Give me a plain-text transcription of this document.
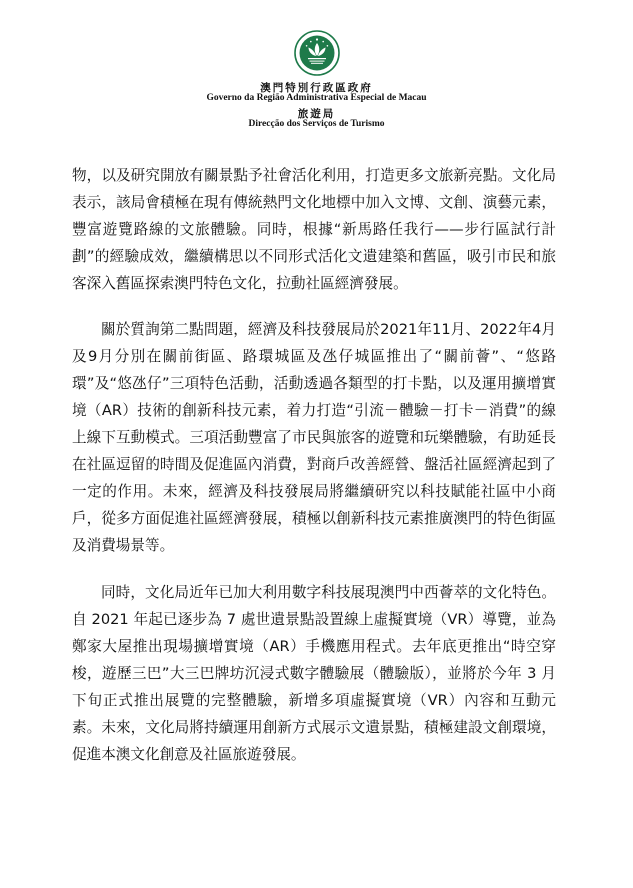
澳門特別行政區政府

Governo da Região Administrativa Especial de Macau

旅遊局

Direcção dos Serviços de Turismo

物，以及研究開放有關景點予社會活化利用，打造更多文旅新亮點。文化局表示，該局會積極在現有傳統熱門文化地標中加入文博、文創、演藝元素，豐富遊覽路線的文旅體驗。同時，根據“新馬路任我行——步行區試行計劃”的經驗成效，繼續構思以不同形式活化文遺建築和舊區，吸引市民和旅客深入舊區探索澳門特色文化，拉動社區經濟發展。

關於質詢第二點問題，經濟及科技發展局於2021年11月、2022年4月及9月分別在關前街區、路環城區及氹仔城區推出了“關前薈”、“悠路環”及“悠氹仔”三項特色活動，活動透過各類型的打卡點，以及運用擴增實境（AR）技術的創新科技元素，着力打造“引流－體驗－打卡－消費”的線上線下互動模式。三項活動豐富了市民與旅客的遊覽和玩樂體驗，有助延長在社區逗留的時間及促進區內消費，對商戶改善經營、盤活社區經濟起到了一定的作用。未來，經濟及科技發展局將繼續研究以科技賦能社區中小商戶，從多方面促進社區經濟發展，積極以創新科技元素推廣澳門的特色街區及消費場景等。

同時，文化局近年已加大利用數字科技展現澳門中西薈萃的文化特色。自 2021 年起已逐步為 7 處世遺景點設置線上虛擬實境（VR）導覽，並為鄭家大屋推出現場擴增實境（AR）手機應用程式。去年底更推出“時空穿梭，遊歷三巴”大三巴牌坊沉浸式數字體驗展（體驗版），並將於今年 3 月下旬正式推出展覽的完整體驗，新增多項虛擬實境（VR）內容和互動元素。未來，文化局將持續運用創新方式展示文遺景點，積極建設文創環境，促進本澳文化創意及社區旅遊發展。
